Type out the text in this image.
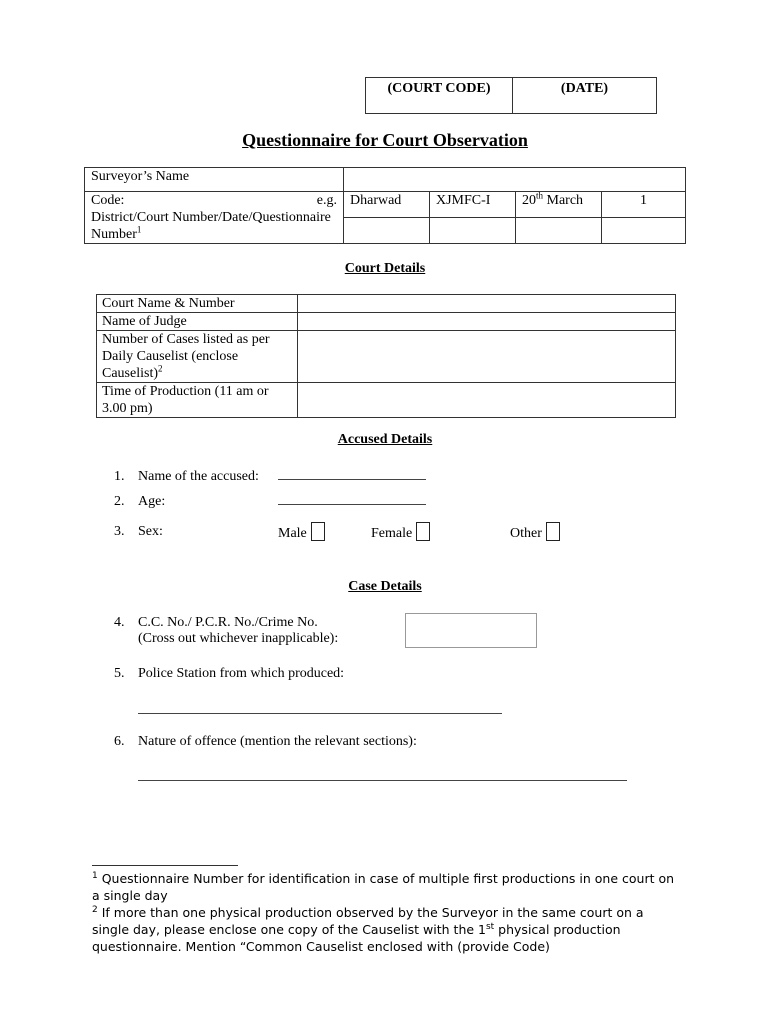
(COURT CODE)	(DATE)
Questionnaire for Court Observation
Surveyor’s Name				

Code: e.g.
District/Court Number/Date/Questionnaire Number$^1$	Dharwad	XJMFC-I	20th March	1

Court Details
Court Name & Number	
Name of Judge	
Number of Cases listed as per Daily Causelist (enclose Causelist)$^2$	
Time of Production (11 am or 3.00 pm)	
Accused Details
1. Name of the accused:
2. Age:
3. Sex:	Male	Female	Other
Case Details
4. C.C. No./ P.C.R. No./Crime No.
(Cross out whichever inapplicable):
5. Police Station from which produced:
6. Nature of offence (mention the relevant sections):
$^1$ Questionnaire Number for identification in case of multiple first productions in one court on a single day
$^2$ If more than one physical production observed by the Surveyor in the same court on a single day, please enclose one copy of the Causelist with the 1st physical production questionnaire. Mention “Common Causelist enclosed with (provide Code)
